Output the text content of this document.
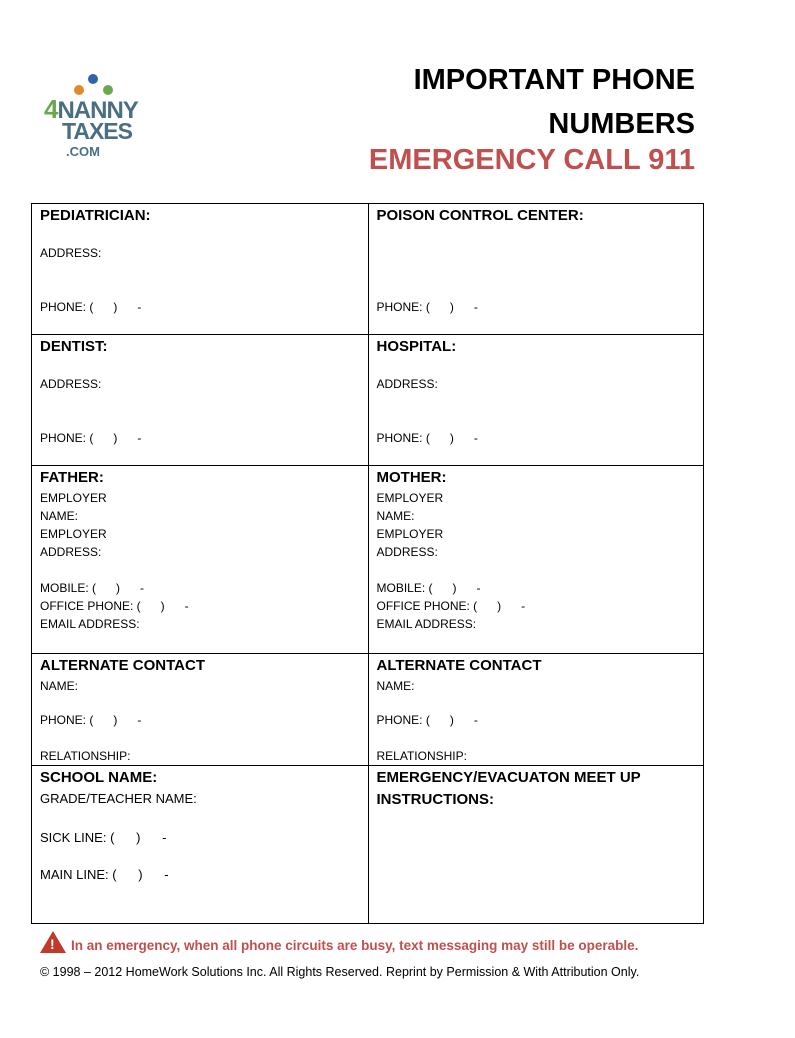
4NANNY
TAXES
.COM
IMPORTANT PHONE
NUMBERS
EMERGENCY CALL 911
PEDIATRICIAN:
ADDRESS:
PHONE: (      )      -
POISON CONTROL CENTER:
PHONE: (      )      -
DENTIST:
ADDRESS:
PHONE: (      )      -
HOSPITAL:
ADDRESS:
PHONE: (      )      -
FATHER:
EMPLOYER
NAME:
EMPLOYER
ADDRESS:
MOBILE: (      )      -
OFFICE PHONE: (      )      -
EMAIL ADDRESS:
MOTHER:
EMPLOYER
NAME:
EMPLOYER
ADDRESS:
MOBILE: (      )      -
OFFICE PHONE: (      )      -
EMAIL ADDRESS:
ALTERNATE CONTACT
NAME:
PHONE: (      )      -
RELATIONSHIP:
ALTERNATE CONTACT
NAME:
PHONE: (      )      -
RELATIONSHIP:
SCHOOL NAME:
GRADE/TEACHER NAME:
SICK LINE: (      )      -
MAIN LINE: (      )      -
EMERGENCY/EVACUATON MEET UP
INSTRUCTIONS:
! In an emergency, when all phone circuits are busy, text messaging may still be operable.
© 1998 – 2012 HomeWork Solutions Inc. All Rights Reserved. Reprint by Permission & With Attribution Only.
